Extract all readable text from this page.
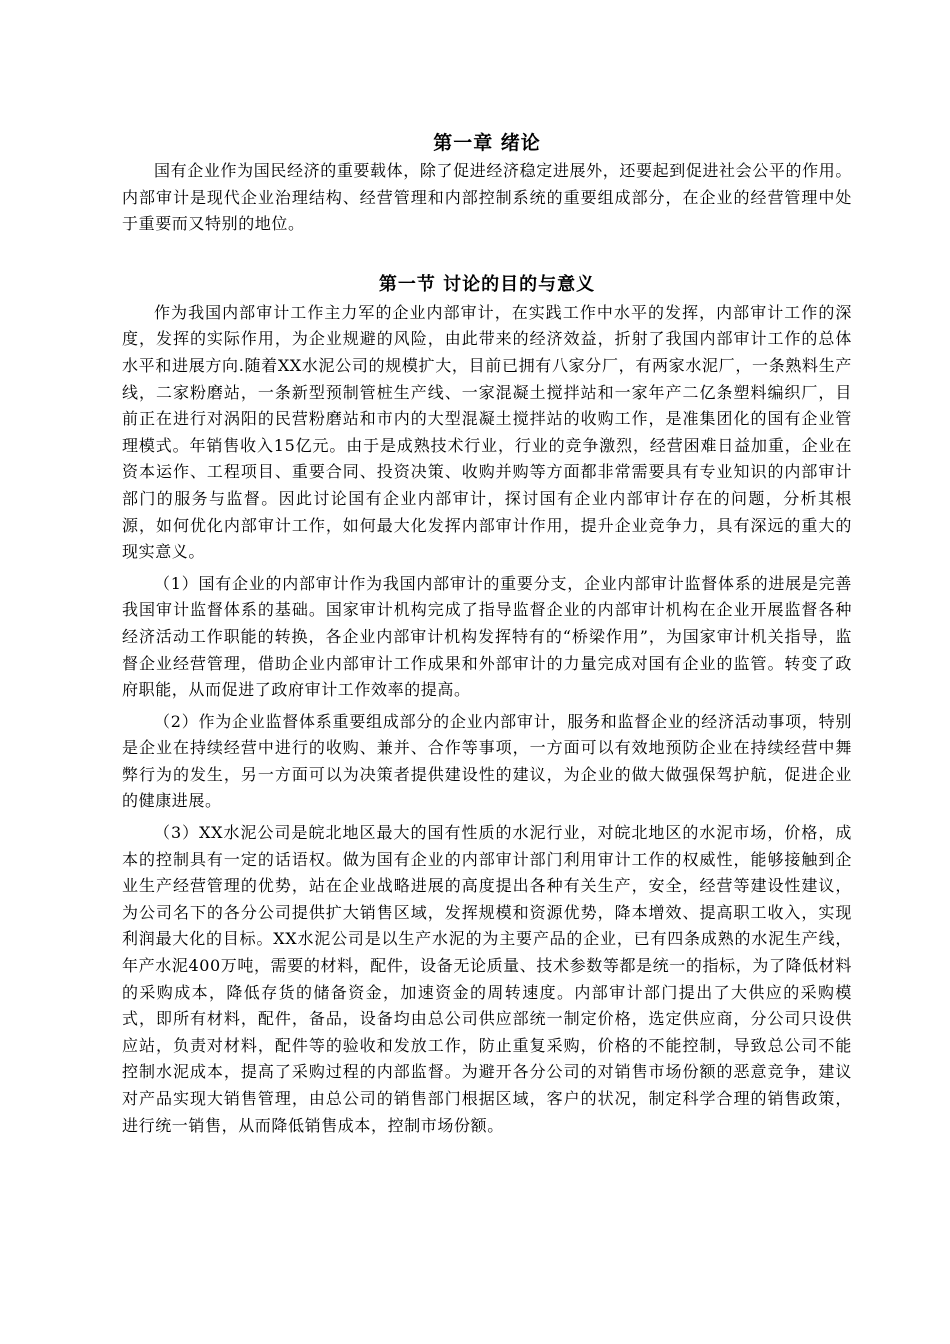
第一章 绪论

国有企业作为国民经济的重要载体，除了促进经济稳定进展外，还要起到促进社会公平的作用。内部审计是现代企业治理结构、经营管理和内部控制系统的重要组成部分，在企业的经营管理中处于重要而又特别的地位。

第一节 讨论的目的与意义

作为我国内部审计工作主力军的企业内部审计，在实践工作中水平的发挥，内部审计工作的深度，发挥的实际作用，为企业规避的风险，由此带来的经济效益，折射了我国内部审计工作的总体水平和进展方向.随着XX水泥公司的规模扩大，目前已拥有八家分厂，有两家水泥厂，一条熟料生产线，二家粉磨站，一条新型预制管桩生产线、一家混凝土搅拌站和一家年产二亿条塑料编织厂，目前正在进行对涡阳的民营粉磨站和市内的大型混凝土搅拌站的收购工作，是准集团化的国有企业管理模式。年销售收入15亿元。由于是成熟技术行业，行业的竞争激烈，经营困难日益加重，企业在资本运作、工程项目、重要合同、投资决策、收购并购等方面都非常需要具有专业知识的内部审计部门的服务与监督。因此讨论国有企业内部审计，探讨国有企业内部审计存在的问题，分析其根源，如何优化内部审计工作，如何最大化发挥内部审计作用，提升企业竞争力，具有深远的重大的现实意义。

（1）国有企业的内部审计作为我国内部审计的重要分支，企业内部审计监督体系的进展是完善我国审计监督体系的基础。国家审计机构完成了指导监督企业的内部审计机构在企业开展监督各种经济活动工作职能的转换，各企业内部审计机构发挥特有的“桥梁作用”，为国家审计机关指导，监督企业经营管理，借助企业内部审计工作成果和外部审计的力量完成对国有企业的监管。转变了政府职能，从而促进了政府审计工作效率的提高。

（2）作为企业监督体系重要组成部分的企业内部审计，服务和监督企业的经济活动事项，特别是企业在持续经营中进行的收购、兼并、合作等事项，一方面可以有效地预防企业在持续经营中舞弊行为的发生，另一方面可以为决策者提供建设性的建议，为企业的做大做强保驾护航，促进企业的健康进展。

（3）XX水泥公司是皖北地区最大的国有性质的水泥行业，对皖北地区的水泥市场，价格，成本的控制具有一定的话语权。做为国有企业的内部审计部门利用审计工作的权威性，能够接触到企业生产经营管理的优势，站在企业战略进展的高度提出各种有关生产，安全，经营等建设性建议，为公司名下的各分公司提供扩大销售区域，发挥规模和资源优势，降本增效、提高职工收入，实现利润最大化的目标。XX水泥公司是以生产水泥的为主要产品的企业，已有四条成熟的水泥生产线，年产水泥400万吨，需要的材料，配件，设备无论质量、技术参数等都是统一的指标，为了降低材料的采购成本，降低存货的储备资金，加速资金的周转速度。内部审计部门提出了大供应的采购模式，即所有材料，配件，备品，设备均由总公司供应部统一制定价格，选定供应商，分公司只设供应站，负责对材料，配件等的验收和发放工作，防止重复采购，价格的不能控制，导致总公司不能控制水泥成本，提高了采购过程的内部监督。为避开各分公司的对销售市场份额的恶意竞争，建议对产品实现大销售管理，由总公司的销售部门根据区域，客户的状况，制定科学合理的销售政策，进行统一销售，从而降低销售成本，控制市场份额。
